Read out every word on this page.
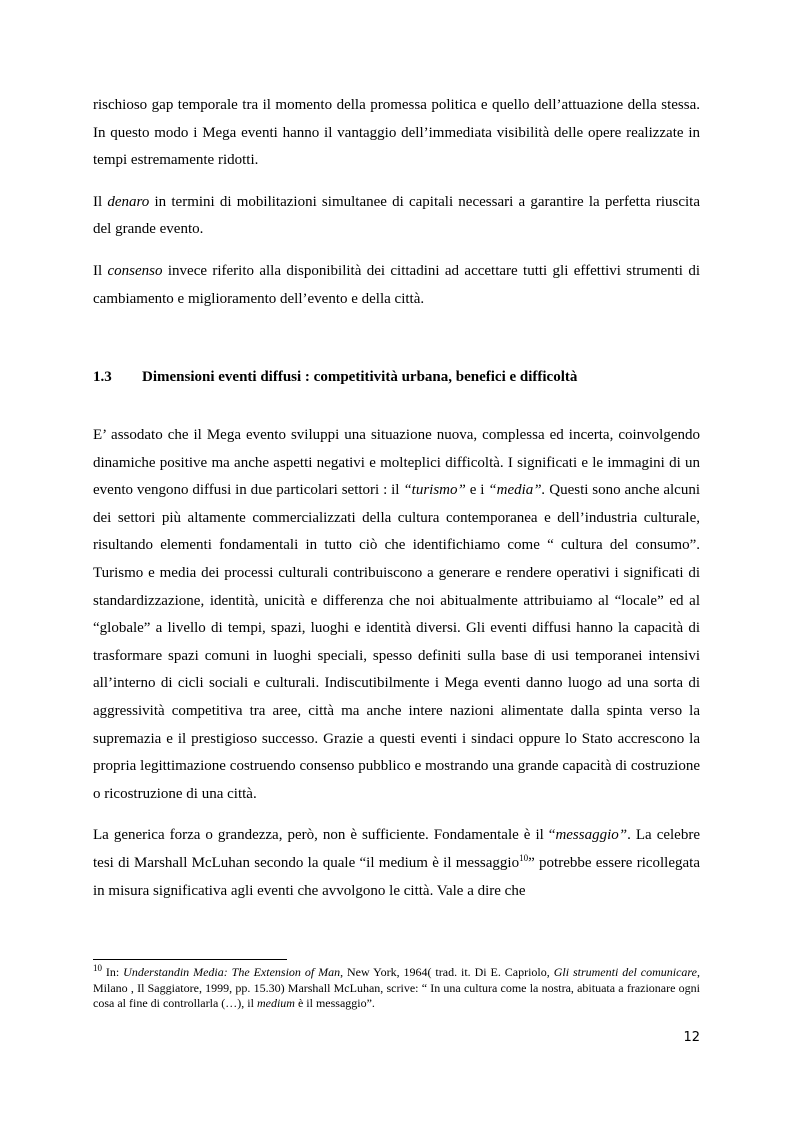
rischioso gap temporale tra il momento della promessa politica e quello dell’attuazione della stessa. In questo modo i Mega eventi hanno il vantaggio dell’immediata visibilità delle opere realizzate in tempi estremamente ridotti.

Il denaro in termini di mobilitazioni simultanee di capitali necessari a garantire la perfetta riuscita del grande evento.

Il consenso invece riferito alla disponibilità dei cittadini ad accettare tutti gli effettivi strumenti di cambiamento e miglioramento dell’evento e della città.

1.3 Dimensioni eventi diffusi : competitività urbana, benefici e difficoltà

E’ assodato che il Mega evento sviluppi una situazione nuova, complessa ed incerta, coinvolgendo dinamiche positive ma anche aspetti negativi e molteplici difficoltà. I significati e le immagini di un evento vengono diffusi in due particolari settori : il “turismo” e i “media”. Questi sono anche alcuni dei settori più altamente commercializzati della cultura contemporanea e dell’industria culturale, risultando elementi fondamentali in tutto ciò che identifichiamo come “ cultura del consumo”. Turismo e media dei processi culturali contribuiscono a generare e rendere operativi i significati di standardizzazione, identità, unicità e differenza che noi abitualmente attribuiamo al “locale” ed al “globale” a livello di tempi, spazi, luoghi e identità diversi. Gli eventi diffusi hanno la capacità di trasformare spazi comuni in luoghi speciali, spesso definiti sulla base di usi temporanei intensivi all’interno di cicli sociali e culturali. Indiscutibilmente i Mega eventi danno luogo ad una sorta di aggressività competitiva tra aree, città ma anche intere nazioni alimentate dalla spinta verso la supremazia e il prestigioso successo. Grazie a questi eventi i sindaci oppure lo Stato accrescono la propria legittimazione costruendo consenso pubblico e mostrando una grande capacità di costruzione o ricostruzione di una città.

La generica forza o grandezza, però, non è sufficiente. Fondamentale è il “messaggio”. La celebre tesi di Marshall McLuhan secondo la quale “il medium è il messaggio$^{10}$” potrebbe essere ricollegata in misura significativa agli eventi che avvolgono le città. Vale a dire che

$^{10}$ In: Understandin Media: The Extension of Man, New York, 1964( trad. it. Di E. Capriolo, Gli strumenti del comunicare, Milano , Il Saggiatore, 1999, pp. 15.30) Marshall McLuhan, scrive: “ In una cultura come la nostra, abituata a frazionare ogni cosa al fine di controllarla (…), il medium è il messaggio”.

12
